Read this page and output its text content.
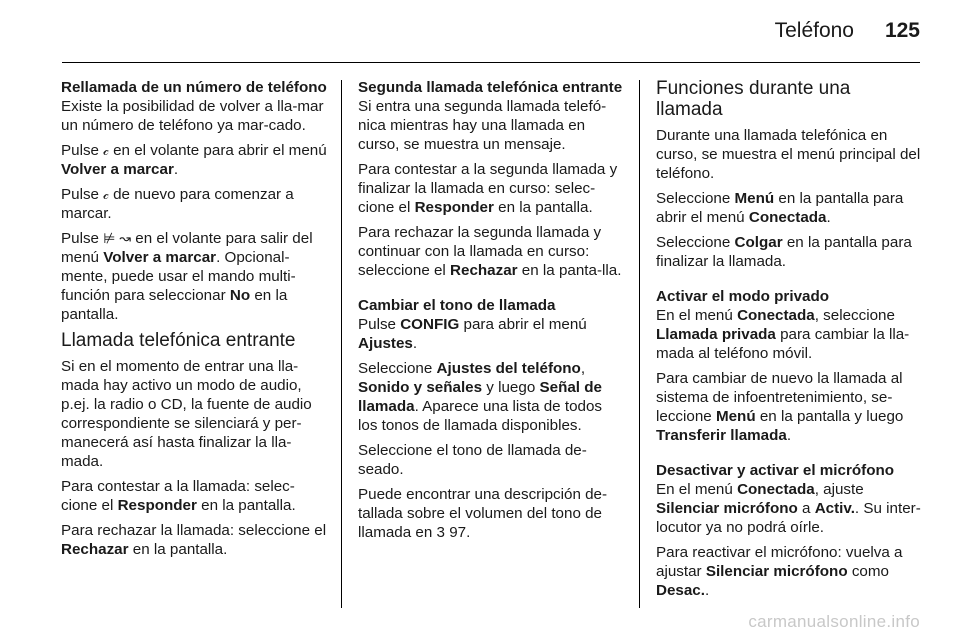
Teléfono 125

Rellamada de un número de teléfono

Existe la posibilidad de volver a lla-mar un número de teléfono ya mar-cado.

Pulse 𝒸 en el volante para abrir el menú Volver a marcar.

Pulse 𝒸 de nuevo para comenzar a marcar.

Pulse ⊭ ↝ en el volante para salir del menú Volver a marcar. Opcional-mente, puede usar el mando multi-función para seleccionar No en la pantalla.

Llamada telefónica entrante

Si en el momento de entrar una lla-mada hay activo un modo de audio, p.ej. la radio o CD, la fuente de audio correspondiente se silenciará y per-manecerá así hasta finalizar la lla-mada.

Para contestar a la llamada: selec-cione el Responder en la pantalla.

Para rechazar la llamada: seleccione el Rechazar en la pantalla.

Segunda llamada telefónica entrante

Si entra una segunda llamada telefó-nica mientras hay una llamada en curso, se muestra un mensaje.

Para contestar a la segunda llamada y finalizar la llamada en curso: selec-cione el Responder en la pantalla.

Para rechazar la segunda llamada y continuar con la llamada en curso: seleccione el Rechazar en la panta-lla.

Cambiar el tono de llamada

Pulse CONFIG para abrir el menú Ajustes.

Seleccione Ajustes del teléfono, Sonido y señales y luego Señal de llamada. Aparece una lista de todos los tonos de llamada disponibles.

Seleccione el tono de llamada de-seado.

Puede encontrar una descripción de-tallada sobre el volumen del tono de llamada en 3 97.

Funciones durante una llamada

Durante una llamada telefónica en curso, se muestra el menú principal del teléfono.

Seleccione Menú en la pantalla para abrir el menú Conectada.

Seleccione Colgar en la pantalla para finalizar la llamada.

Activar el modo privado

En el menú Conectada, seleccione Llamada privada para cambiar la lla-mada al teléfono móvil.

Para cambiar de nuevo la llamada al sistema de infoentretenimiento, se-leccione Menú en la pantalla y luego Transferir llamada.

Desactivar y activar el micrófono

En el menú Conectada, ajuste Silenciar micrófono a Activ.. Su inter-locutor ya no podrá oírle.

Para reactivar el micrófono: vuelva a ajustar Silenciar micrófono como Desac..

carmanualsonline.info
